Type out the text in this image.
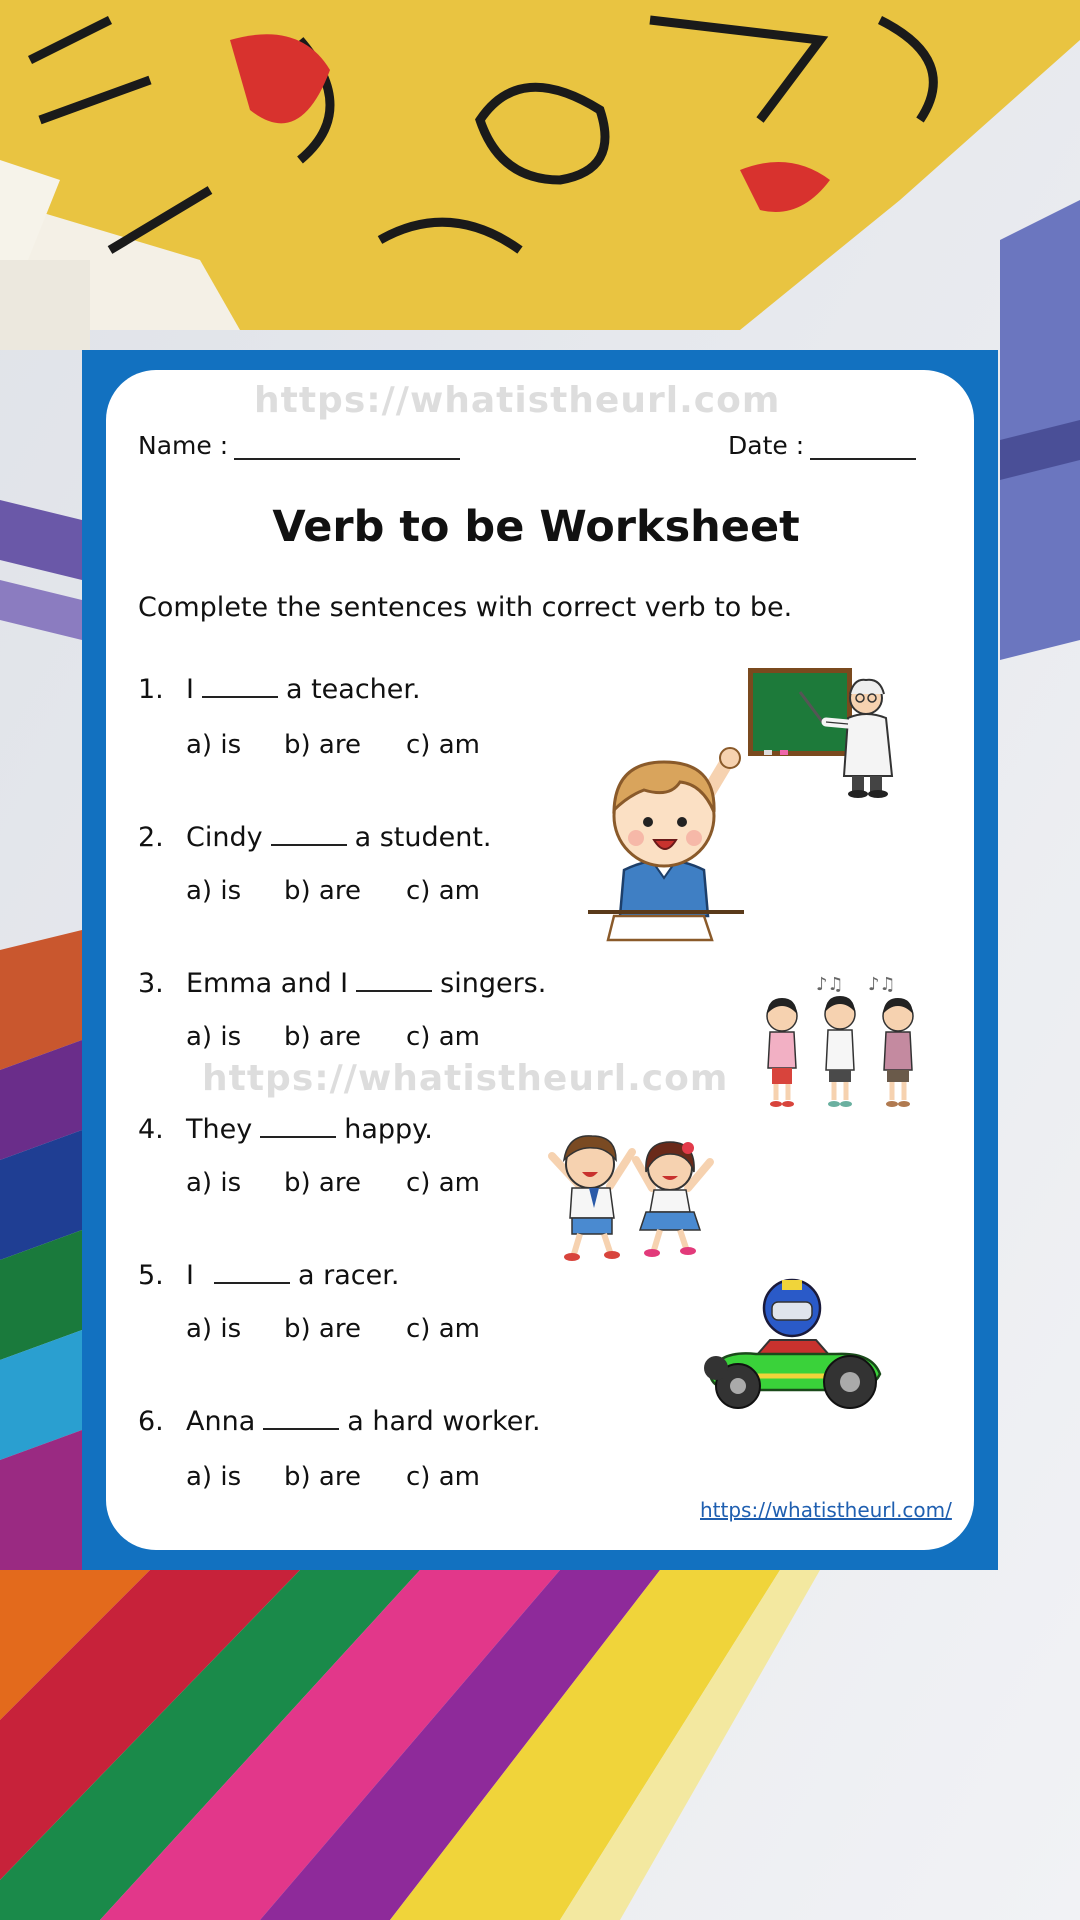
https://whatistheurl.com
https://whatistheurl.com
Name :	Date :
Verb to be Worksheet
Complete the sentences with correct verb to be.
1. I	a teacher.
a) is b) are c) am
2. Cindy	a student.
a) is b) are c) am
3. Emma and I	singers.
a) is b) are c) am
4. They	happy.
a) is b) are c) am
5. I	a racer.
a) is b) are c) am
6. Anna	a hard worker.
a) is b) are c) am
♪♫ ♪♫
https://whatistheurl.com/
